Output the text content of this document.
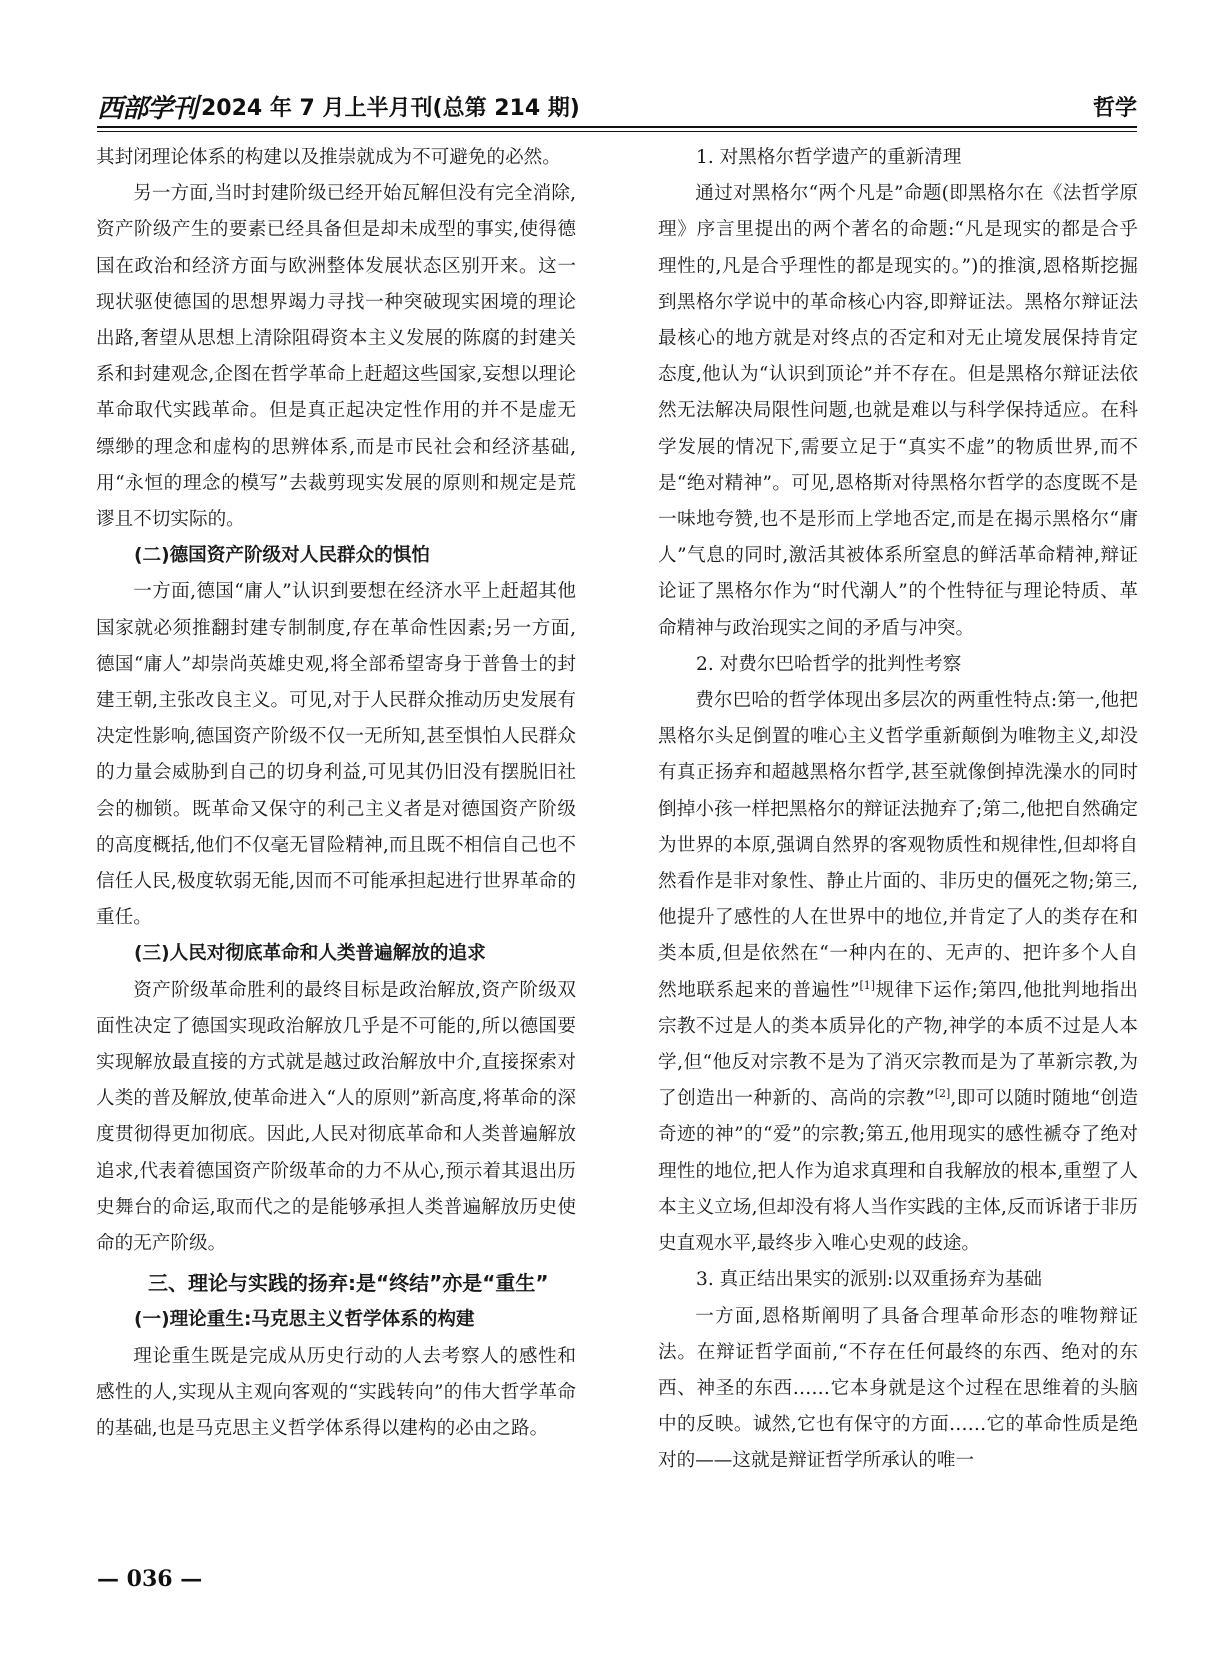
西部学刊 2024 年 7 月上半月刊(总第 214 期)	哲学

其封闭理论体系的构建以及推崇就成为不可避免的必然。

另一方面,当时封建阶级已经开始瓦解但没有完全消除,资产阶级产生的要素已经具备但是却未成型的事实,使得德国在政治和经济方面与欧洲整体发展状态区别开来。这一现状驱使德国的思想界竭力寻找一种突破现实困境的理论出路,奢望从思想上清除阻碍资本主义发展的陈腐的封建关系和封建观念,企图在哲学革命上赶超这些国家,妄想以理论革命取代实践革命。但是真正起决定性作用的并不是虚无缥缈的理念和虚构的思辨体系,而是市民社会和经济基础,用“永恒的理念的模写”去裁剪现实发展的原则和规定是荒谬且不切实际的。

(二)德国资产阶级对人民群众的惧怕

一方面,德国“庸人”认识到要想在经济水平上赶超其他国家就必须推翻封建专制制度,存在革命性因素;另一方面,德国“庸人”却崇尚英雄史观,将全部希望寄身于普鲁士的封建王朝,主张改良主义。可见,对于人民群众推动历史发展有决定性影响,德国资产阶级不仅一无所知,甚至惧怕人民群众的力量会威胁到自己的切身利益,可见其仍旧没有摆脱旧社会的枷锁。既革命又保守的利己主义者是对德国资产阶级的高度概括,他们不仅毫无冒险精神,而且既不相信自己也不信任人民,极度软弱无能,因而不可能承担起进行世界革命的重任。

(三)人民对彻底革命和人类普遍解放的追求

资产阶级革命胜利的最终目标是政治解放,资产阶级双面性决定了德国实现政治解放几乎是不可能的,所以德国要实现解放最直接的方式就是越过政治解放中介,直接探索对人类的普及解放,使革命进入“人的原则”新高度,将革命的深度贯彻得更加彻底。因此,人民对彻底革命和人类普遍解放追求,代表着德国资产阶级革命的力不从心,预示着其退出历史舞台的命运,取而代之的是能够承担人类普遍解放历史使命的无产阶级。

三、理论与实践的扬弃:是“终结”亦是“重生”
(一)理论重生:马克思主义哲学体系的构建

理论重生既是完成从历史行动的人去考察人的感性和感性的人,实现从主观向客观的“实践转向”的伟大哲学革命的基础,也是马克思主义哲学体系得以建构的必由之路。

1. 对黑格尔哲学遗产的重新清理

通过对黑格尔“两个凡是”命题(即黑格尔在《法哲学原理》序言里提出的两个著名的命题:“凡是现实的都是合乎理性的,凡是合乎理性的都是现实的。”)的推演,恩格斯挖掘到黑格尔学说中的革命核心内容,即辩证法。黑格尔辩证法最核心的地方就是对终点的否定和对无止境发展保持肯定态度,他认为“认识到顶论”并不存在。但是黑格尔辩证法依然无法解决局限性问题,也就是难以与科学保持适应。在科学发展的情况下,需要立足于“真实不虚”的物质世界,而不是“绝对精神”。可见,恩格斯对待黑格尔哲学的态度既不是一味地夸赞,也不是形而上学地否定,而是在揭示黑格尔“庸人”气息的同时,激活其被体系所窒息的鲜活革命精神,辩证论证了黑格尔作为“时代潮人”的个性特征与理论特质、革命精神与政治现实之间的矛盾与冲突。

2. 对费尔巴哈哲学的批判性考察

费尔巴哈的哲学体现出多层次的两重性特点:第一,他把黑格尔头足倒置的唯心主义哲学重新颠倒为唯物主义,却没有真正扬弃和超越黑格尔哲学,甚至就像倒掉洗澡水的同时倒掉小孩一样把黑格尔的辩证法抛弃了;第二,他把自然确定为世界的本原,强调自然界的客观物质性和规律性,但却将自然看作是非对象性、静止片面的、非历史的僵死之物;第三,他提升了感性的人在世界中的地位,并肯定了人的类存在和类本质,但是依然在“一种内在的、无声的、把许多个人自然地联系起来的普遍性”[1]规律下运作;第四,他批判地指出宗教不过是人的类本质异化的产物,神学的本质不过是人本学,但“他反对宗教不是为了消灭宗教而是为了革新宗教,为了创造出一种新的、高尚的宗教”[2],即可以随时随地“创造奇迹的神”的“爱”的宗教;第五,他用现实的感性褫夺了绝对理性的地位,把人作为追求真理和自我解放的根本,重塑了人本主义立场,但却没有将人当作实践的主体,反而诉诸于非历史直观水平,最终步入唯心史观的歧途。

3. 真正结出果实的派别:以双重扬弃为基础

一方面,恩格斯阐明了具备合理革命形态的唯物辩证法。在辩证哲学面前,“不存在任何最终的东西、绝对的东西、神圣的东西……它本身就是这个过程在思维着的头脑中的反映。诚然,它也有保守的方面……它的革命性质是绝对的——这就是辩证哲学所承认的唯一

— 036 —
